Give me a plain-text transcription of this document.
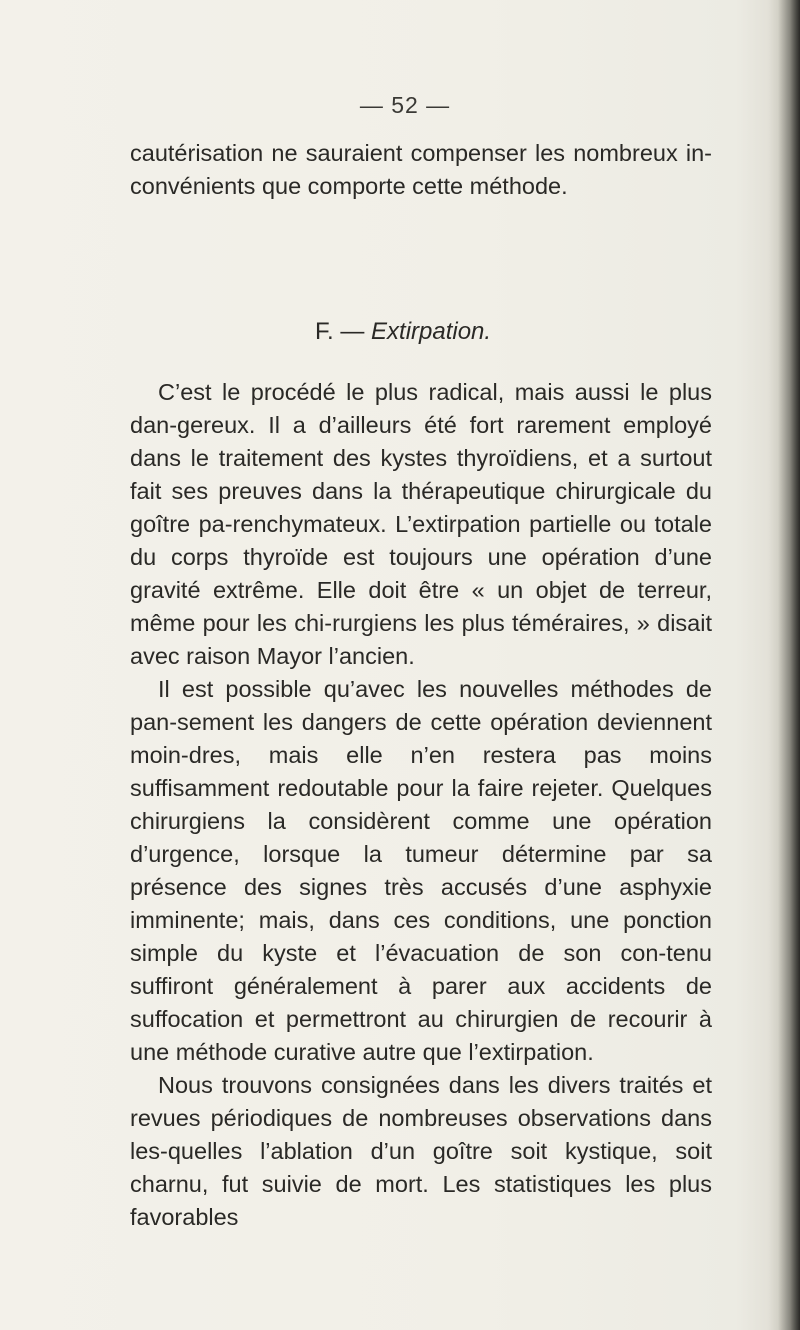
— 52 —
cautérisation ne sauraient compenser les nombreux in-convénients que comporte cette méthode.
F. — Extirpation.

C’est le procédé le plus radical, mais aussi le plus dan-gereux. Il a d’ailleurs été fort rarement employé dans le traitement des kystes thyroïdiens, et a surtout fait ses preuves dans la thérapeutique chirurgicale du goître pa-renchymateux. L’extirpation partielle ou totale du corps thyroïde est toujours une opération d’une gravité extrême. Elle doit être « un objet de terreur, même pour les chi-rurgiens les plus téméraires, » disait avec raison Mayor l’ancien.

Il est possible qu’avec les nouvelles méthodes de pan-sement les dangers de cette opération deviennent moin-dres, mais elle n’en restera pas moins suffisamment redoutable pour la faire rejeter. Quelques chirurgiens la considèrent comme une opération d’urgence, lorsque la tumeur détermine par sa présence des signes très accusés d’une asphyxie imminente; mais, dans ces conditions, une ponction simple du kyste et l’évacuation de son con-tenu suffiront généralement à parer aux accidents de suffocation et permettront au chirurgien de recourir à une méthode curative autre que l’extirpation.

Nous trouvons consignées dans les divers traités et revues périodiques de nombreuses observations dans les-quelles l’ablation d’un goître soit kystique, soit charnu, fut suivie de mort. Les statistiques les plus favorables
